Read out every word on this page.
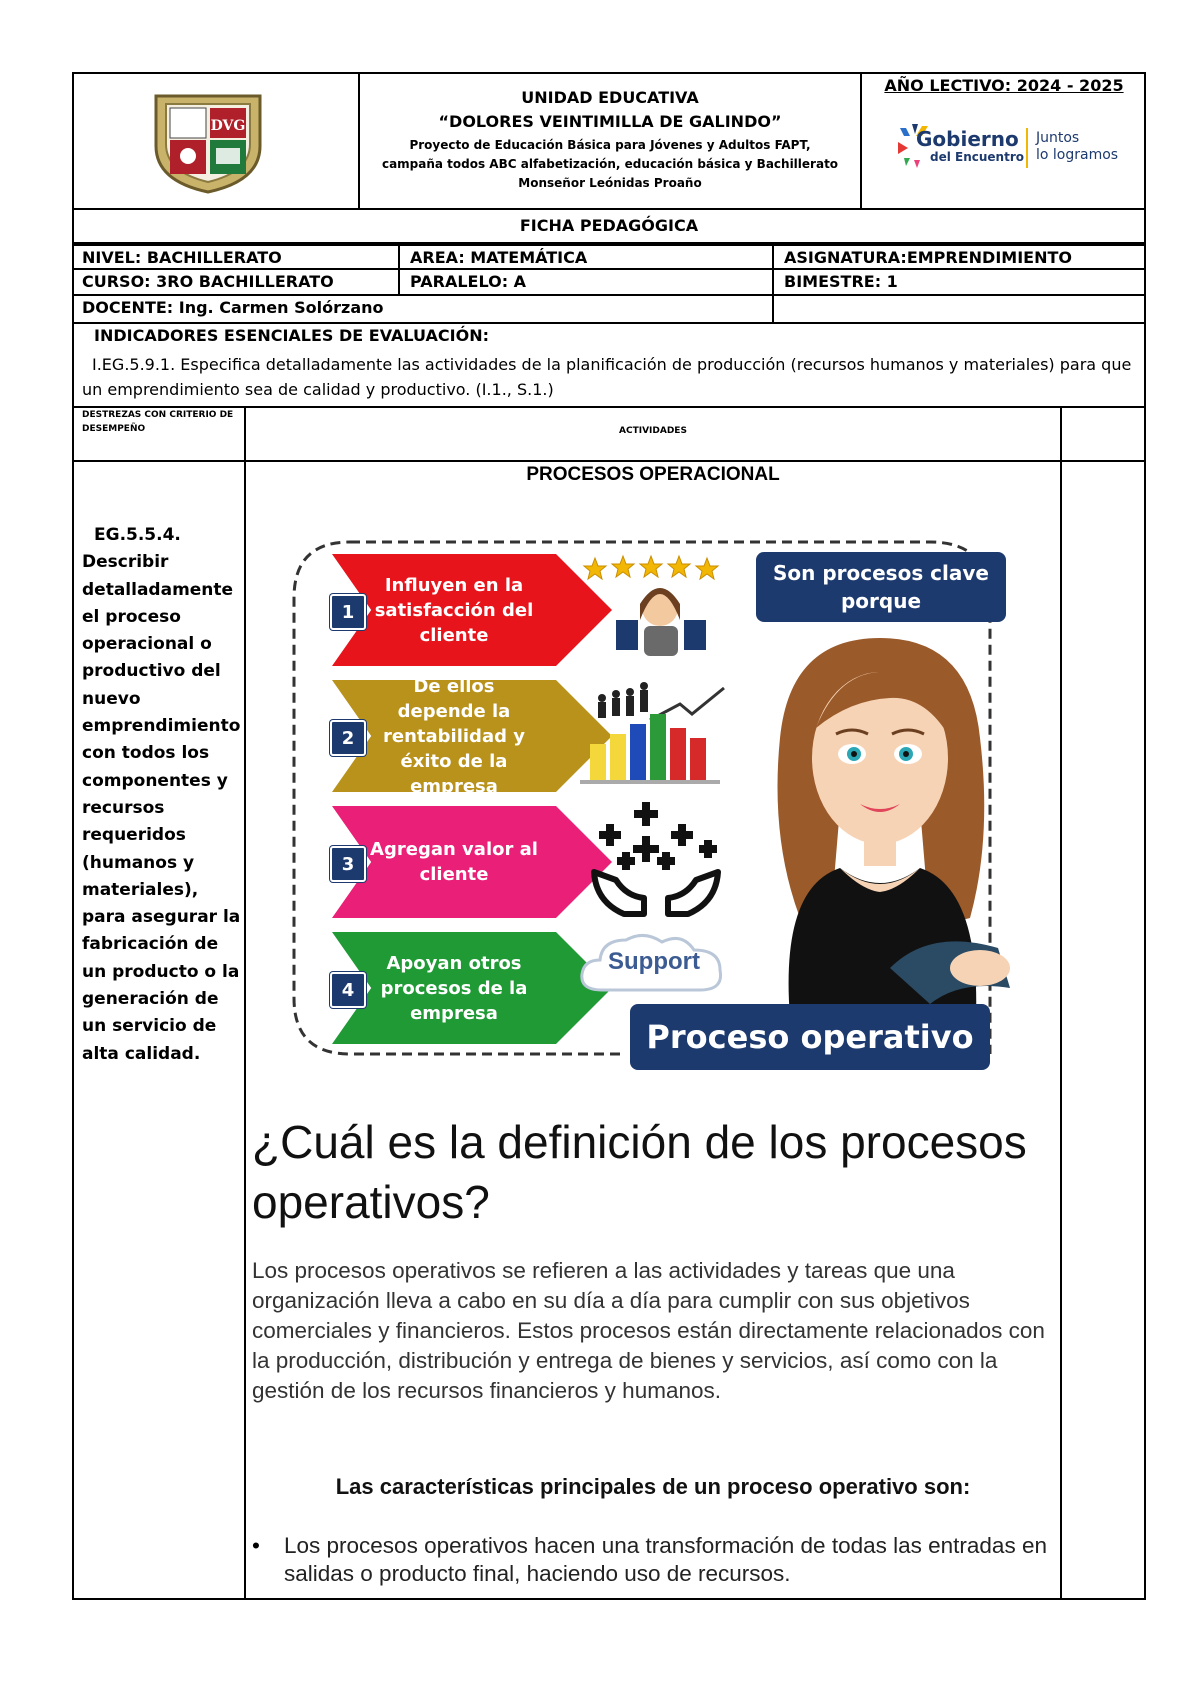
DVG
UNIDAD EDUCATIVA
“DOLORES VEINTIMILLA DE GALINDO”
Proyecto de Educación Básica para Jóvenes y Adultos FAPT, campaña todos ABC alfabetización, educación básica y Bachillerato Monseñor Leónidas Proaño
AÑO LECTIVO: 2024 - 2025
Gobierno
del Encuentro
Juntos
lo logramos
FICHA PEDAGÓGICA
NIVEL: BACHILLERATO	AREA: MATEMÁTICA	ASIGNATURA:EMPRENDIMIENTO
CURSO: 3RO BACHILLERATO	PARALELO: A	BIMESTRE: 1
DOCENTE: Ing. Carmen Solórzano
INDICADORES ESENCIALES DE EVALUACIÓN:
I.EG.5.9.1. Especifica detalladamente las actividades de la planificación de producción (recursos humanos y materiales) para que un emprendimiento sea de calidad y productivo. (I.1., S.1.)
DESTREZAS CON CRITERIO DE DESEMPEÑO	ACTIVIDADES
EG.5.5.4. Describir detalladamente el proceso operacional o productivo del nuevo emprendimiento con todos los componentes y recursos requeridos (humanos y materiales), para asegurar la fabricación de un producto o la generación de un servicio de alta calidad.
PROCESOS OPERACIONAL
Influyen en la satisfacción del cliente
1
De ellos depende la rentabilidad y éxito de la empresa
2
Agregan valor al cliente
3
Apoyan otros procesos de la empresa
4
Support
Son procesos clave porque
Proceso operativo
¿Cuál es la definición de los procesos operativos?
Los procesos operativos se refieren a las actividades y tareas que una organización lleva a cabo en su día a día para cumplir con sus objetivos comerciales y financieros. Estos procesos están directamente relacionados con la producción, distribución y entrega de bienes y servicios, así como con la gestión de los recursos financieros y humanos.
Las características principales de un proceso operativo son:
• Los procesos operativos hacen una transformación de todas las entradas en salidas o producto final, haciendo uso de recursos.
